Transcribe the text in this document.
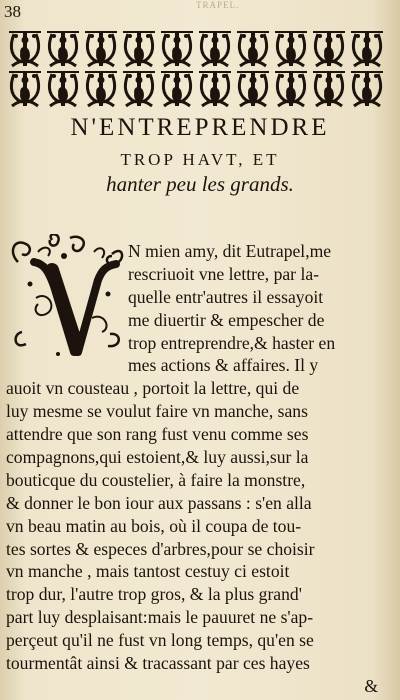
38	TRAPEL.
N'ENTREPRENDRE
TROP HAVT, ET
hanter peu les grands.
N mien amy, dit Eutrapel,me
rescriuoit vne lettre, par la-
quelle entr'autres il essayoit
me diuertir & empescher de
trop entreprendre,& haster en
mes actions & affaires. Il y
auoit vn cousteau , portoit la lettre, qui de
luy mesme se voulut faire vn manche, sans
attendre que son rang fust venu comme ses
compagnons,qui estoient,& luy aussi,sur la
bouticque du coustelier, à faire la monstre,
& donner le bon iour aux passans : s'en alla
vn beau matin au bois, où il coupa de tou-
tes sortes & especes d'arbres,pour se choisir
vn manche , mais tantost cestuy ci estoit
trop dur, l'autre trop gros, & la plus grand'
part luy desplaisant:mais le pauuret ne s'ap-
perçeut qu'il ne fust vn long temps, qu'en se
tourmentât ainsi & tracassant par ces hayes
&
